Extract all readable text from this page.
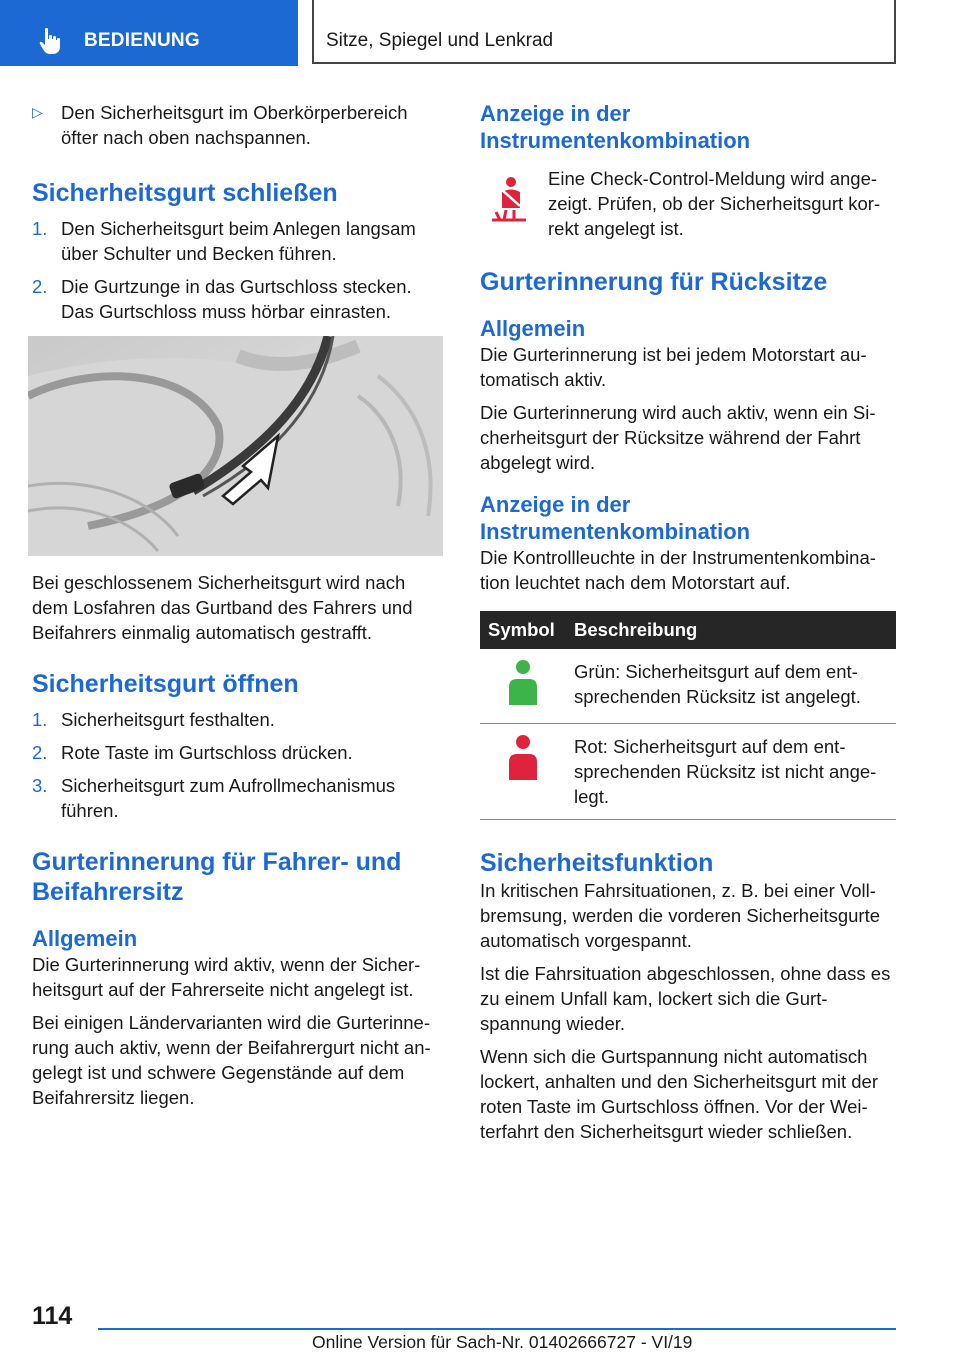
BEDIENUNG	Sitze, Spiegel und Lenkrad
▷ Den Sicherheitsgurt im Oberkörperbereich öfter nach oben nachspannen.
Sicherheitsgurt schließen
1. Den Sicherheitsgurt beim Anlegen langsam über Schulter und Becken führen.
2. Die Gurtzunge in das Gurtschloss stecken. Das Gurtschloss muss hörbar einrasten.

Bei geschlossenem Sicherheitsgurt wird nach dem Losfahren das Gurtband des Fahrers und Beifahrers einmalig automatisch gestrafft.

Sicherheitsgurt öffnen
1. Sicherheitsgurt festhalten.
2. Rote Taste im Gurtschloss drücken.
3. Sicherheitsgurt zum Aufrollmechanismus führen.
Gurterinnerung für Fahrer- und Beifahrersitz
Allgemein

Die Gurterinnerung wird aktiv, wenn der Sicherheitsgurt auf der Fahrerseite nicht angelegt ist.

Bei einigen Ländervarianten wird die Gurterinnerung auch aktiv, wenn der Beifahrergurt nicht angelegt ist und schwere Gegenstände auf dem Beifahrersitz liegen.

Anzeige in der Instrumentenkombination

Eine Check-Control-Meldung wird angezeigt. Prüfen, ob der Sicherheitsgurt korrekt angelegt ist.

Gurterinnerung für Rücksitze
Allgemein

Die Gurterinnerung ist bei jedem Motorstart automatisch aktiv.

Die Gurterinnerung wird auch aktiv, wenn ein Sicherheitsgurt der Rücksitze während der Fahrt abgelegt wird.

Anzeige in der Instrumentenkombination

Die Kontrollleuchte in der Instrumentenkombination leuchtet nach dem Motorstart auf.

Symbol	Beschreibung
	Grün: Sicherheitsgurt auf dem entsprechenden Rücksitz ist angelegt.
	Rot: Sicherheitsgurt auf dem entsprechenden Rücksitz ist nicht angelegt.
Sicherheitsfunktion

In kritischen Fahrsituationen, z. B. bei einer Vollbremsung, werden die vorderen Sicherheitsgurte automatisch vorgespannt.

Ist die Fahrsituation abgeschlossen, ohne dass es zu einem Unfall kam, lockert sich die Gurtspannung wieder.

Wenn sich die Gurtspannung nicht automatisch lockert, anhalten und den Sicherheitsgurt mit der roten Taste im Gurtschloss öffnen. Vor der Weiterfahrt den Sicherheitsgurt wieder schließen.

114
Online Version für Sach-Nr. 01402666727 - VI/19
